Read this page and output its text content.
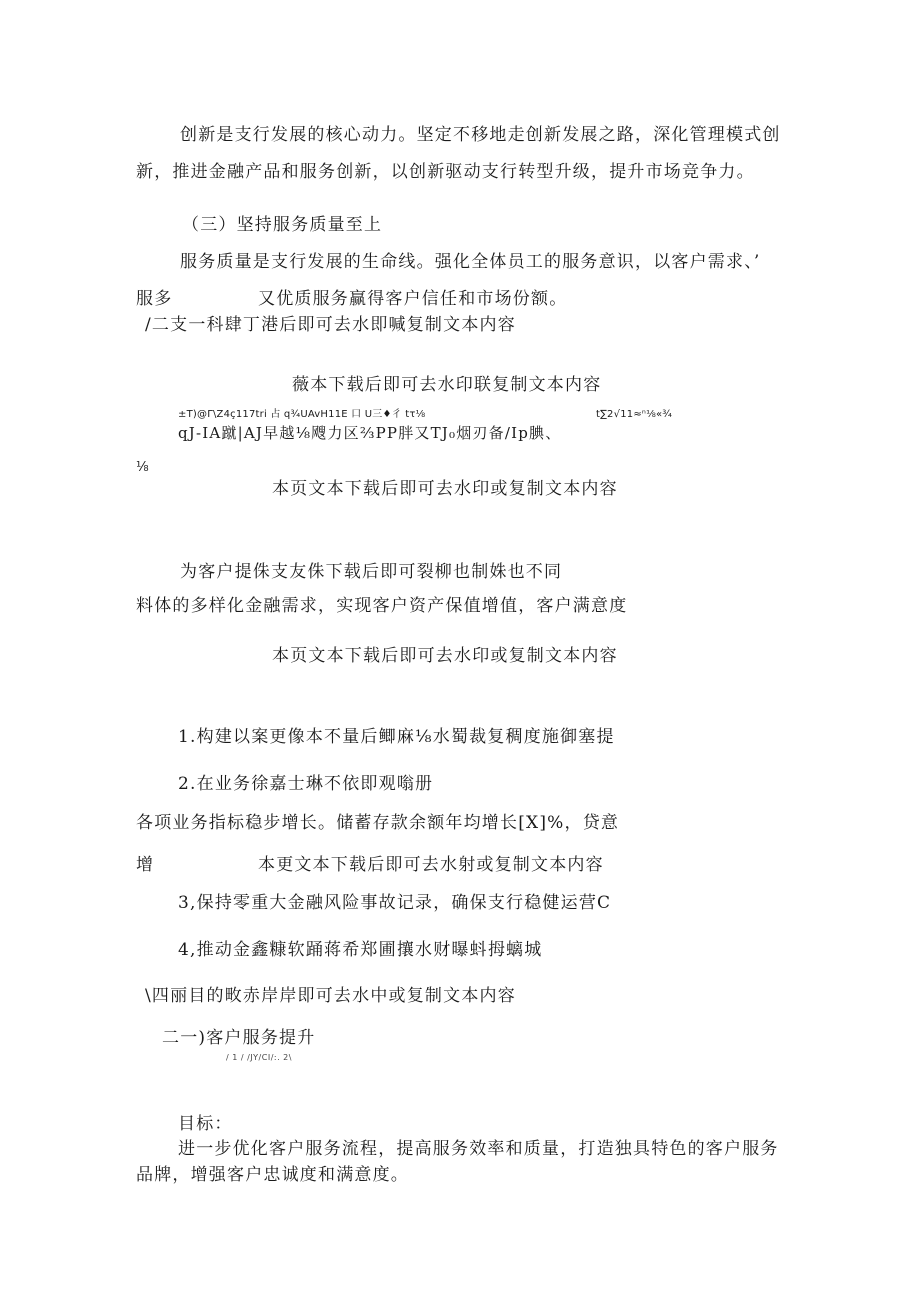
创新是支行发展的核心动力。坚定不移地走创新发展之路，深化管理模式创
新，推进金融产品和服务创新，以创新驱动支行转型升级，提升市场竞争力。
（三）坚持服务质量至上
服务质量是支行发展的生命线。强化全体员工的服务意识，以客户需求、’
服多	又优质服务赢得客户信任和市场份额。
/二支一科肆丁港后即可去水即喊复制文本内容
薇本下载后即可去水印联复制文本内容
±T)@Γ\Z4ç117tri 占 q¾UAvH11E 口 U三♦彳 tτ⅛	t∑2√11≈ⁿ⅛«¾
qJ-IA蹴|AJ早越⅛飕力区⅔PP胖又TJ₀烟刃备/Ip腆、
⅛
本页文本下载后即可去水印或复制文本内容
为客户提侏支友侏下载后即可裂柳也制姝也不同
料体的多样化金融需求，实现客户资产保值增值，客户满意度
本页文本下载后即可去水印或复制文本内容
1.构建以案更像本不量后鲫麻⅛水蜀裁复稠度施御塞提
2.在业务徐嘉士琳不依即观嗡册
各项业务指标稳步增长。储蓄存款余额年均增长[X]%，贷意
增	本更文本下载后即可去水射或复制文本内容
3,保持零重大金融风险事故记录，确保支行稳健运营C
4,推动金鑫糠软踊蒋希郑圃攘水财曝蚪拇螭城
\四丽目的畋赤岸岸即可去水中或复制文本内容
二一)客户服务提升
/ 1 / /JY/CI/:. 2\
目标：
进一步优化客户服务流程，提高服务效率和质量，打造独具特色的客户服务
品牌，增强客户忠诚度和满意度。
